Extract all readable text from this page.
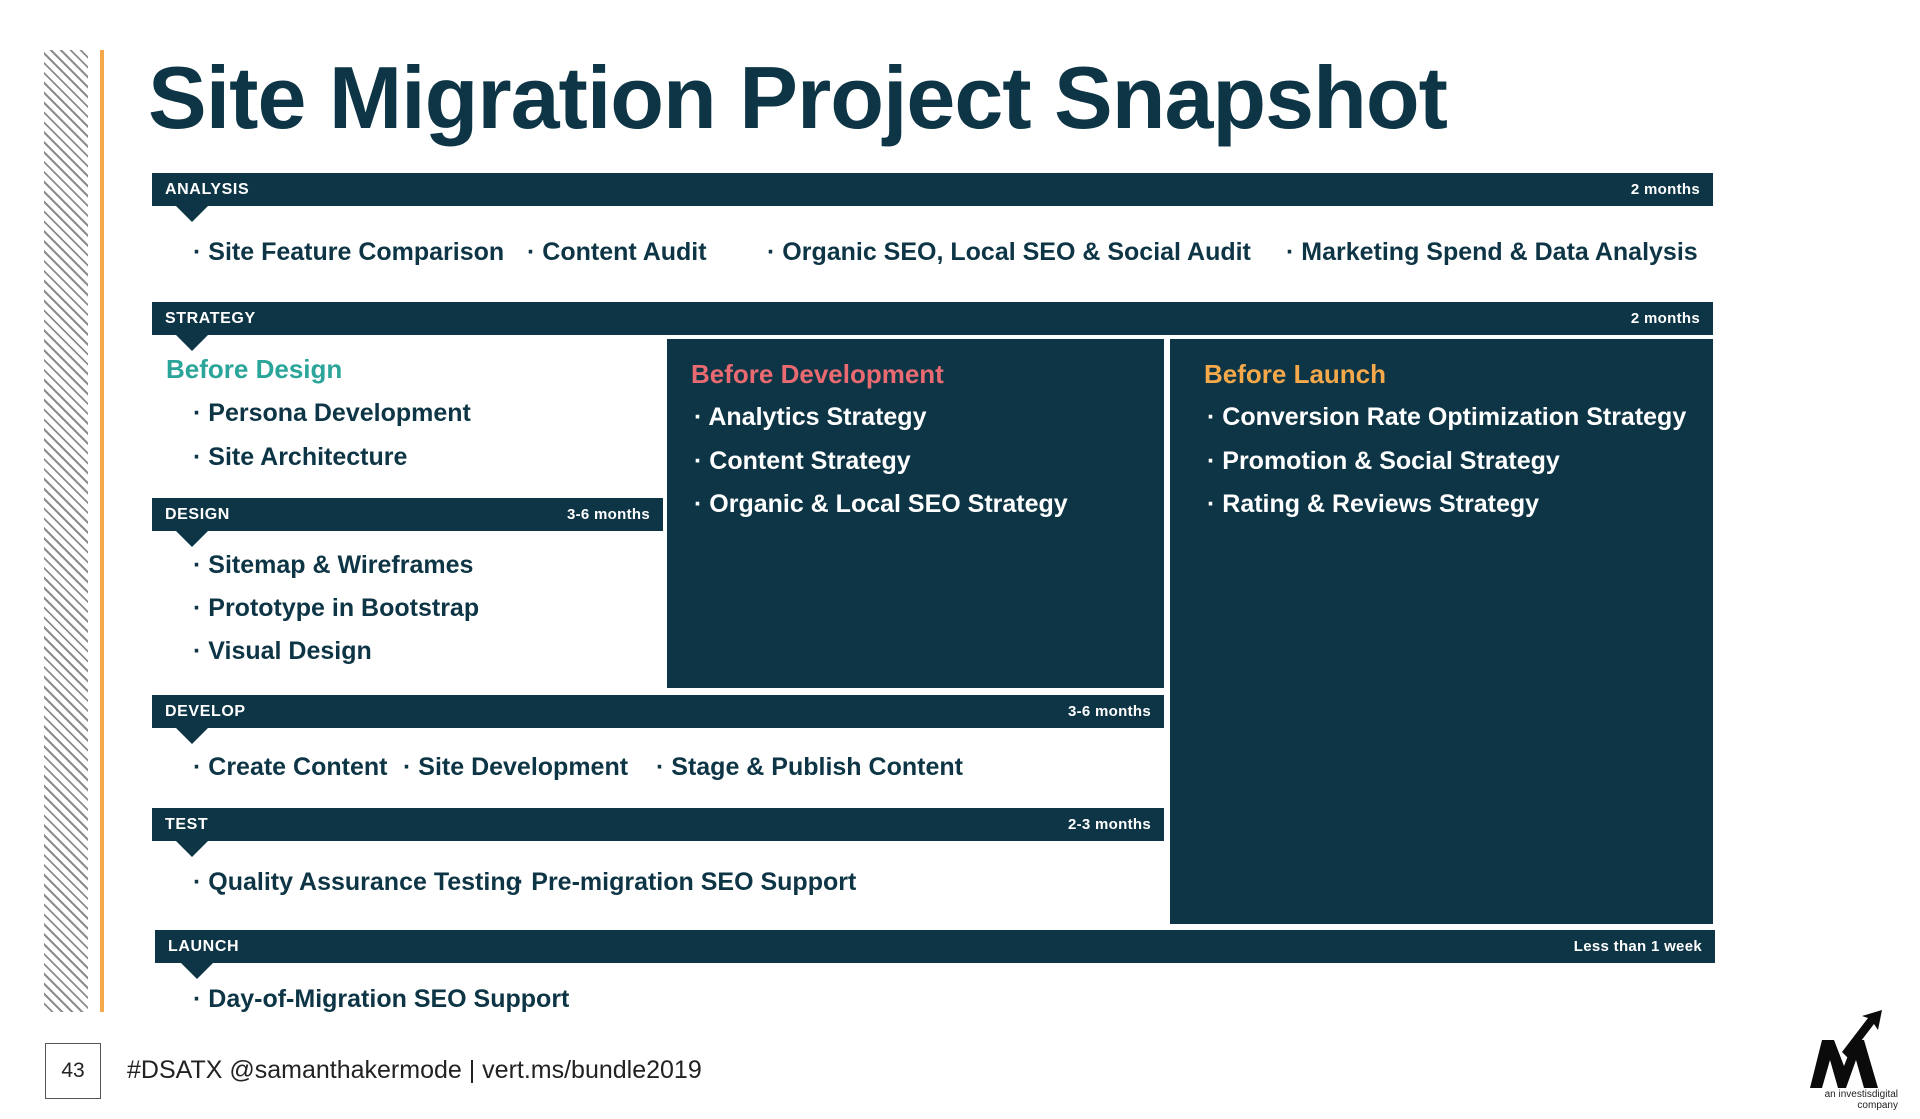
Site Migration Project Snapshot
ANALYSIS	2 months
· Site Feature Comparison · Content Audit · Organic SEO, Local SEO & Social Audit · Marketing Spend & Data Analysis
STRATEGY	2 months
Before Design
· Persona Development
· Site Architecture
Before Development
· Analytics Strategy
· Content Strategy
· Organic & Local SEO Strategy
Before Launch
· Conversion Rate Optimization Strategy
· Promotion & Social Strategy
· Rating & Reviews Strategy
DESIGN	3-6 months
· Sitemap & Wireframes
· Prototype in Bootstrap
· Visual Design
DEVELOP	3-6 months
· Create Content · Site Development · Stage & Publish Content
TEST	2-3 months
· Quality Assurance Testing
· Pre-migration SEO Support
LAUNCH	Less than 1 week
· Day-of-Migration SEO Support
43	#DSATX @samanthakermode | vert.ms/bundle2019
an investisdigital company
